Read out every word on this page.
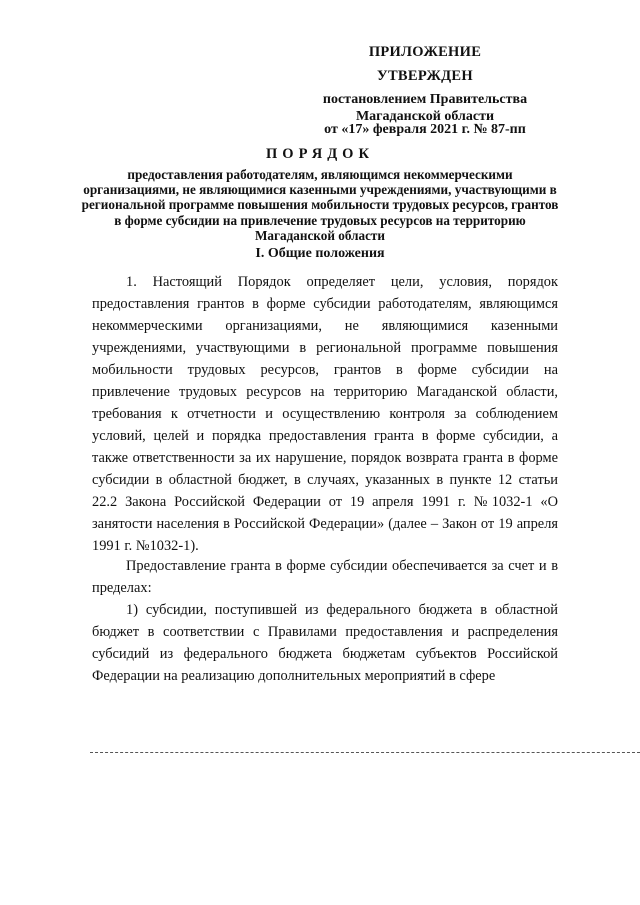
ПРИЛОЖЕНИЕ
УТВЕРЖДЕН
постановлением Правительства
Магаданской области
от «17» февраля 2021 г. № 87-пп
ПОРЯДОК
предоставления работодателям, являющимся некоммерческими организациями, не являющимися казенными учреждениями, участвующими в региональной программе повышения мобильности трудовых ресурсов, грантов в форме субсидии на привлечение трудовых ресурсов на территорию Магаданской области
I. Общие положения

1. Настоящий Порядок определяет цели, условия, порядок предоставления грантов в форме субсидии работодателям, являющимся некоммерческими организациями, не являющимися казенными учреждениями, участвующими в региональной программе повышения мобильности трудовых ресурсов, грантов в форме субсидии на привлечение трудовых ресурсов на территорию Магаданской области, требования к отчетности и осуществлению контроля за соблюдением условий, целей и порядка предоставления гранта в форме субсидии, а также ответственности за их нарушение, порядок возврата гранта в форме субсидии в областной бюджет, в случаях, указанных в пункте 12 статьи 22.2 Закона Российской Федерации от 19 апреля 1991 г. №1032-1 «О занятости населения в Российской Федерации» (далее – Закон от 19 апреля 1991 г. №1032-1).

Предоставление гранта в форме субсидии обеспечивается за счет и в пределах:

1) субсидии, поступившей из федерального бюджета в областной бюджет в соответствии с Правилами предоставления и распределения субсидий из федерального бюджета бюджетам субъектов Российской Федерации на реализацию дополнительных мероприятий в сфере
